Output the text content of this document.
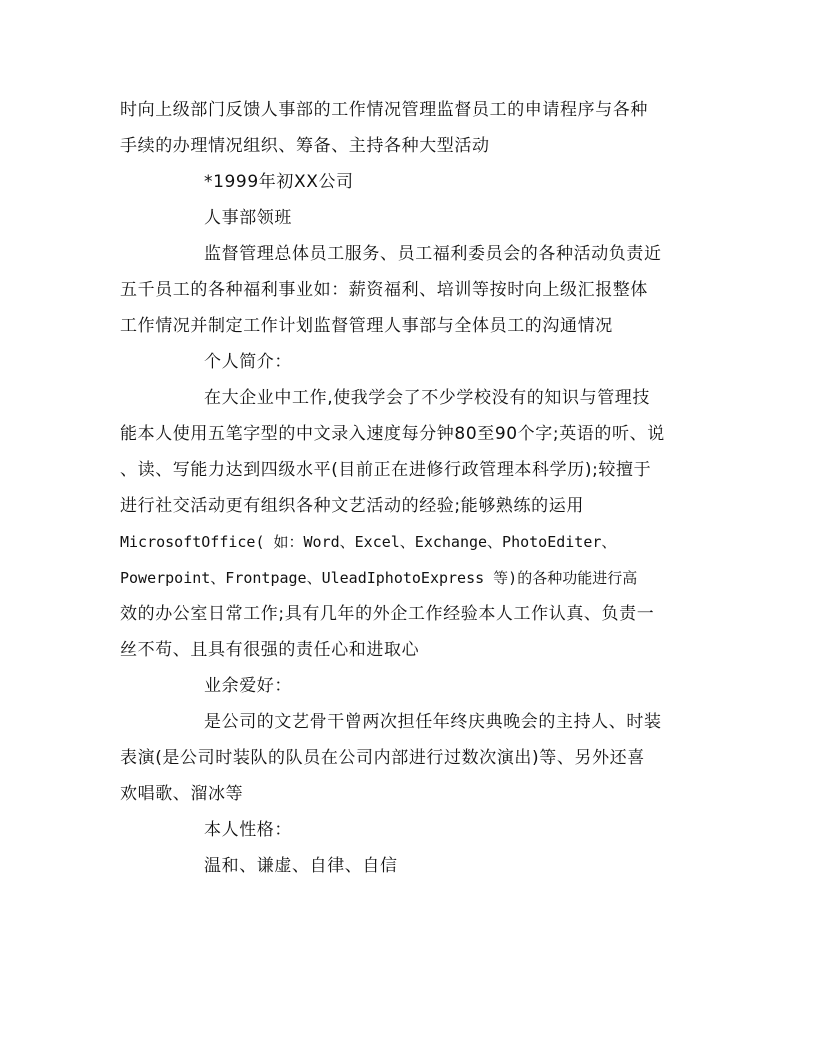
时向上级部门反馈人事部的工作情况管理监督员工的申请程序与各种
手续的办理情况组织、筹备、主持各种大型活动
*1999年初XX公司
人事部领班
监督管理总体员工服务、员工福利委员会的各种活动负责近
五千员工的各种福利事业如：薪资福利、培训等按时向上级汇报整体
工作情况并制定工作计划监督管理人事部与全体员工的沟通情况
个人简介：
在大企业中工作,使我学会了不少学校没有的知识与管理技
能本人使用五笔字型的中文录入速度每分钟80至90个字;英语的听、说
、读、写能力达到四级水平(目前正在进修行政管理本科学历);较擅于
进行社交活动更有组织各种文艺活动的经验;能够熟练的运用
MicrosoftOffice( 如：Word、Excel、Exchange、PhotoEditer、
Powerpoint、Frontpage、UleadIphotoExpress 等)的各种功能进行高
效的办公室日常工作;具有几年的外企工作经验本人工作认真、负责一
丝不苟、且具有很强的责任心和进取心
业余爱好：
是公司的文艺骨干曾两次担任年终庆典晚会的主持人、时装
表演(是公司时装队的队员在公司内部进行过数次演出)等、另外还喜
欢唱歌、溜冰等
本人性格：
温和、谦虚、自律、自信
